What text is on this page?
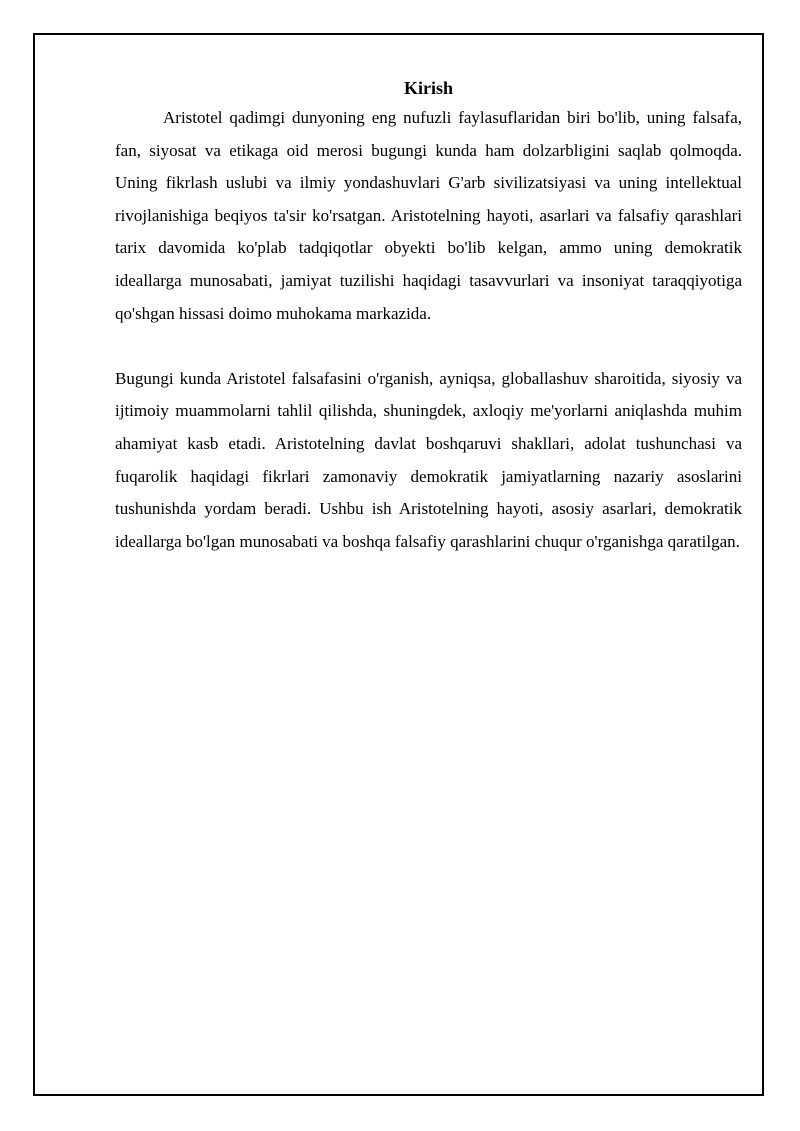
Kirish

Aristotel qadimgi dunyoning eng nufuzli faylasuflaridan biri bo'lib, uning falsafa, fan, siyosat va etikaga oid merosi bugungi kunda ham dolzarbligini saqlab qolmoqda. Uning fikrlash uslubi va ilmiy yondashuvlari G'arb sivilizatsiyasi va uning intellektual rivojlanishiga beqiyos ta'sir ko'rsatgan. Aristotelning hayoti, asarlari va falsafiy qarashlari tarix davomida ko'plab tadqiqotlar obyekti bo'lib kelgan, ammo uning demokratik ideallarga munosabati, jamiyat tuzilishi haqidagi tasavvurlari va insoniyat taraqqiyotiga qo'shgan hissasi doimo muhokama markazida.

Bugungi kunda Aristotel falsafasini o'rganish, ayniqsa, globallashuv sharoitida, siyosiy va ijtimoiy muammolarni tahlil qilishda, shuningdek, axloqiy me'yorlarni aniqlashda muhim ahamiyat kasb etadi. Aristotelning davlat boshqaruvi shakllari, adolat tushunchasi va fuqarolik haqidagi fikrlari zamonaviy demokratik jamiyatlarning nazariy asoslarini tushunishda yordam beradi. Ushbu ish Aristotelning hayoti, asosiy asarlari, demokratik ideallarga bo'lgan munosabati va boshqa falsafiy qarashlarini chuqur o'rganishga qaratilgan.
